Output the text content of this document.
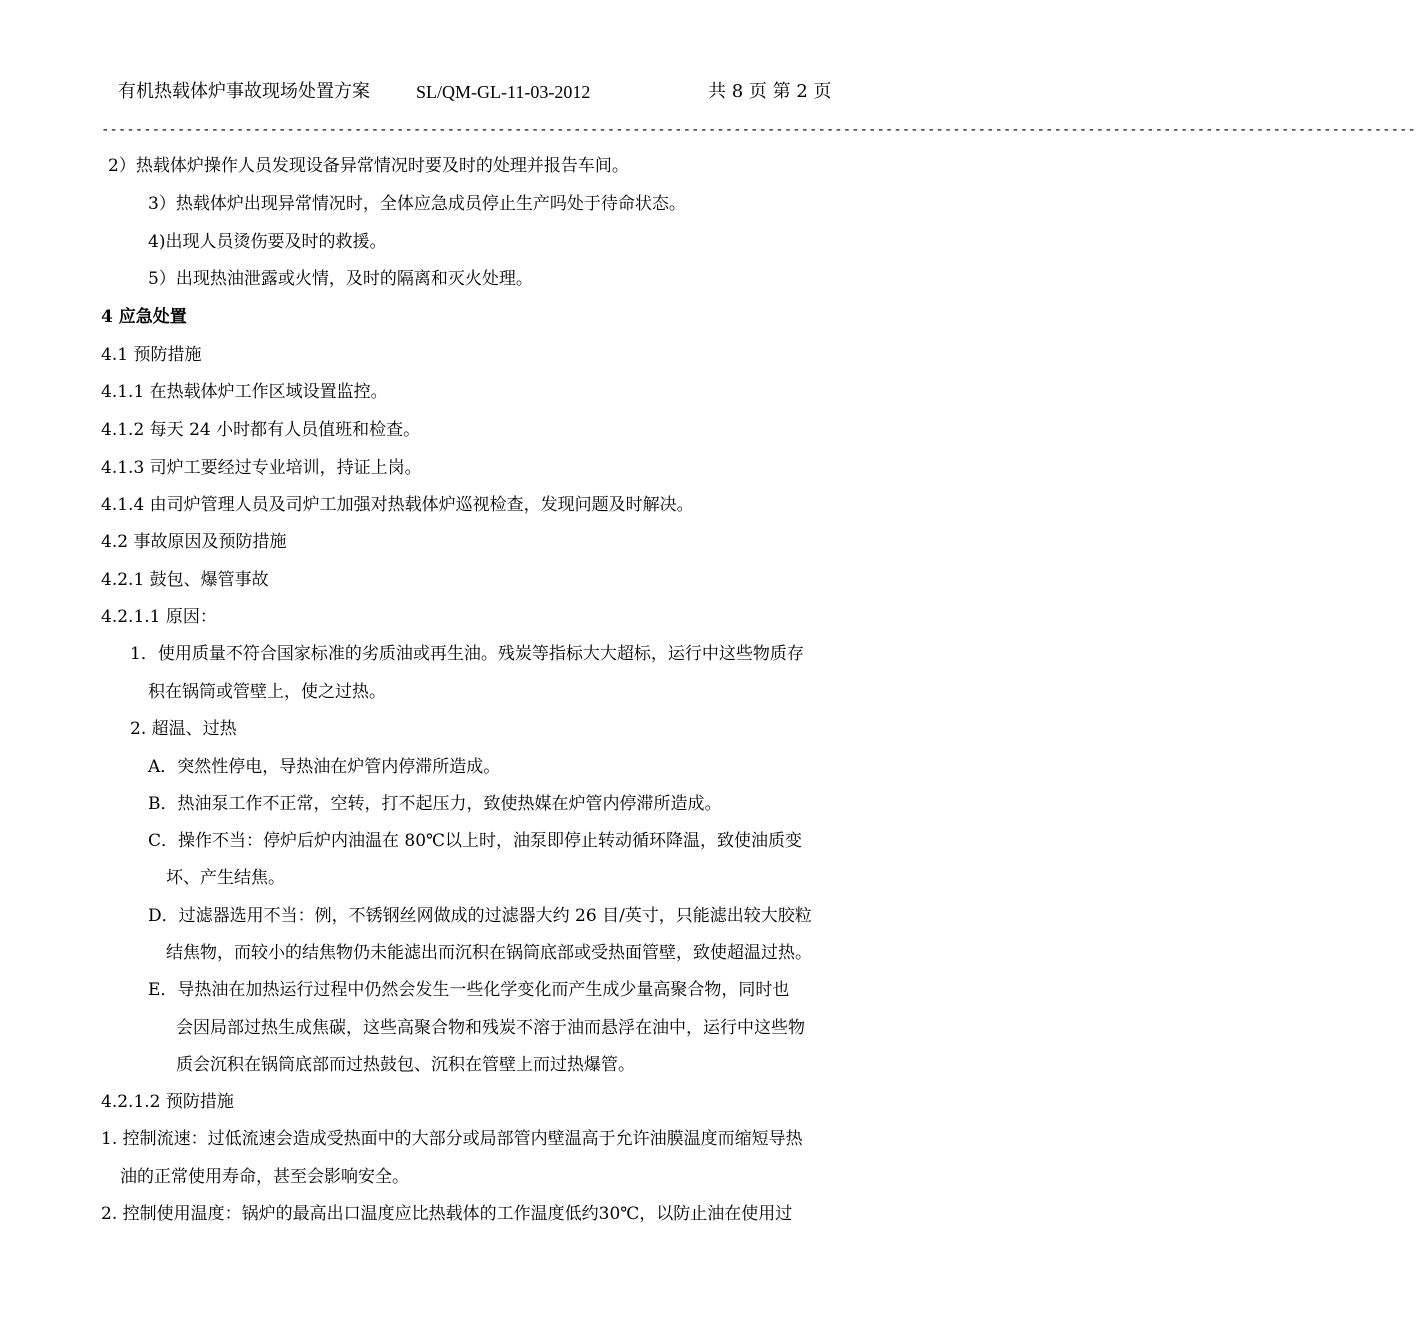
有机热载体炉事故现场处置方案	SL/QM-GL-11-03-2012	共 8 页 第 2 页
------------------------------------------------------------------------------------------------------------------------------------------------------------
2）热载体炉操作人员发现设备异常情况时要及时的处理并报告车间。
3）热载体炉出现异常情况时，全体应急成员停止生产吗处于待命状态。
4)出现人员烫伤要及时的救援。
5）出现热油泄露或火情，及时的隔离和灭火处理。
4 应急处置
4.1 预防措施
4.1.1 在热载体炉工作区域设置监控。
4.1.2 每天 24 小时都有人员值班和检查。
4.1.3 司炉工要经过专业培训，持证上岗。
4.1.4 由司炉管理人员及司炉工加强对热载体炉巡视检查，发现问题及时解决。
4.2 事故原因及预防措施
4.2.1 鼓包、爆管事故
4.2.1.1 原因：
1．使用质量不符合国家标准的劣质油或再生油。残炭等指标大大超标，运行中这些物质存
积在锅筒或管壁上，使之过热。
2. 超温、过热
A．突然性停电，导热油在炉管内停滞所造成。
B．热油泵工作不正常，空转，打不起压力，致使热媒在炉管内停滞所造成。
C．操作不当：停炉后炉内油温在 80℃以上时，油泵即停止转动循环降温，致使油质变
坏、产生结焦。
D．过滤器选用不当：例，不锈钢丝网做成的过滤器大约 26 目/英寸，只能滤出较大胶粒
结焦物，而较小的结焦物仍未能滤出而沉积在锅筒底部或受热面管壁，致使超温过热。
E．导热油在加热运行过程中仍然会发生一些化学变化而产生成少量高聚合物，同时也
会因局部过热生成焦碳，这些高聚合物和残炭不溶于油而悬浮在油中，运行中这些物
质会沉积在锅筒底部而过热鼓包、沉积在管壁上而过热爆管。
4.2.1.2 预防措施
1. 控制流速：过低流速会造成受热面中的大部分或局部管内壁温高于允许油膜温度而缩短导热
油的正常使用寿命，甚至会影响安全。
2. 控制使用温度：锅炉的最高出口温度应比热载体的工作温度低约30℃，以防止油在使用过
